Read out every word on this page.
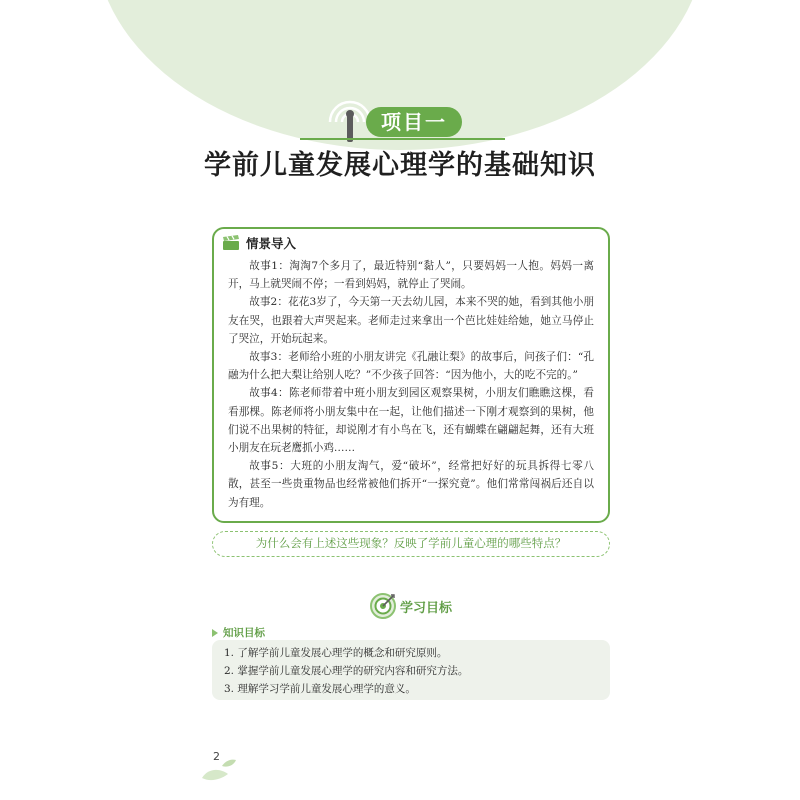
项目一
学前儿童发展心理学的基础知识
情景导入

故事1：淘淘7个多月了，最近特别“黏人”，只要妈妈一人抱。妈妈一离开，马上就哭闹不停；一看到妈妈，就停止了哭闹。

故事2：花花3岁了，今天第一天去幼儿园，本来不哭的她，看到其他小朋友在哭，也跟着大声哭起来。老师走过来拿出一个芭比娃娃给她，她立马停止了哭泣，开始玩起来。

故事3：老师给小班的小朋友讲完《孔融让梨》的故事后，问孩子们：“孔融为什么把大梨让给别人吃？”不少孩子回答：“因为他小，大的吃不完的。”

故事4：陈老师带着中班小朋友到园区观察果树，小朋友们瞧瞧这棵，看看那棵。陈老师将小朋友集中在一起，让他们描述一下刚才观察到的果树，他们说不出果树的特征，却说刚才有小鸟在飞，还有蝴蝶在翩翩起舞，还有大班小朋友在玩老鹰抓小鸡……

故事5：大班的小朋友淘气，爱“破坏”，经常把好好的玩具拆得七零八散，甚至一些贵重物品也经常被他们拆开“一探究竟”。他们常常闯祸后还自以为有理。

为什么会有上述这些现象？反映了学前儿童心理的哪些特点？
学习目标
知识目标
1. 了解学前儿童发展心理学的概念和研究原则。
2. 掌握学前儿童发展心理学的研究内容和研究方法。
3. 理解学习学前儿童发展心理学的意义。
2
